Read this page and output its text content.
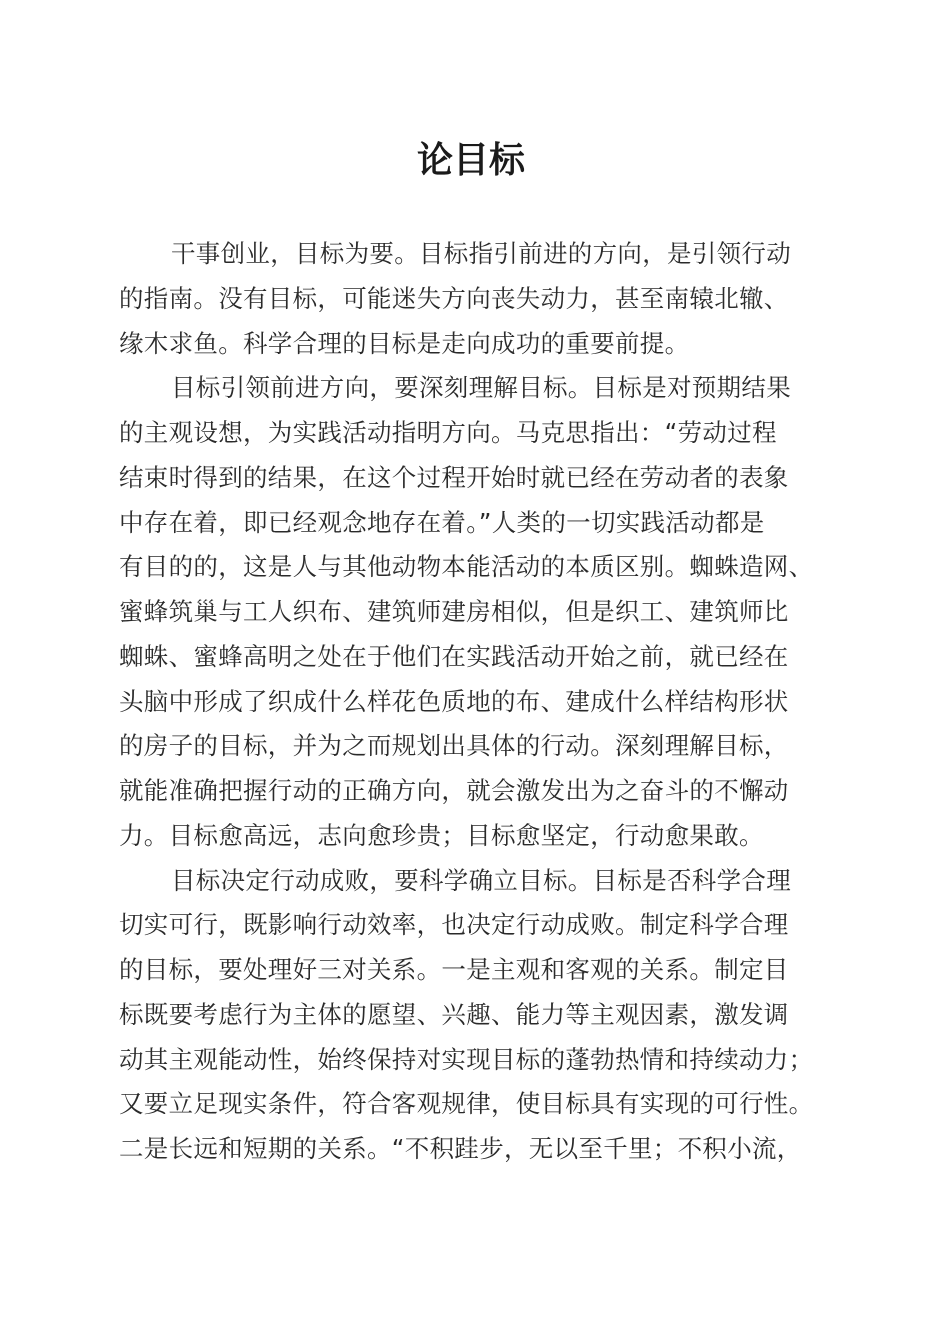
论目标
干事创业，目标为要。目标指引前进的方向，是引领行动
的指南。没有目标，可能迷失方向丧失动力，甚至南辕北辙、
缘木求鱼。科学合理的目标是走向成功的重要前提。
目标引领前进方向，要深刻理解目标。目标是对预期结果
的主观设想，为实践活动指明方向。马克思指出：“劳动过程
结束时得到的结果，在这个过程开始时就已经在劳动者的表象
中存在着，即已经观念地存在着。”人类的一切实践活动都是
有目的的，这是人与其他动物本能活动的本质区别。蜘蛛造网、
蜜蜂筑巢与工人织布、建筑师建房相似，但是织工、建筑师比
蜘蛛、蜜蜂高明之处在于他们在实践活动开始之前，就已经在
头脑中形成了织成什么样花色质地的布、建成什么样结构形状
的房子的目标，并为之而规划出具体的行动。深刻理解目标，
就能准确把握行动的正确方向，就会激发出为之奋斗的不懈动
力。目标愈高远，志向愈珍贵；目标愈坚定，行动愈果敢。
目标决定行动成败，要科学确立目标。目标是否科学合理
切实可行，既影响行动效率，也决定行动成败。制定科学合理
的目标，要处理好三对关系。一是主观和客观的关系。制定目
标既要考虑行为主体的愿望、兴趣、能力等主观因素，激发调
动其主观能动性，始终保持对实现目标的蓬勃热情和持续动力；
又要立足现实条件，符合客观规律，使目标具有实现的可行性。
二是长远和短期的关系。“不积跬步，无以至千里；不积小流，
